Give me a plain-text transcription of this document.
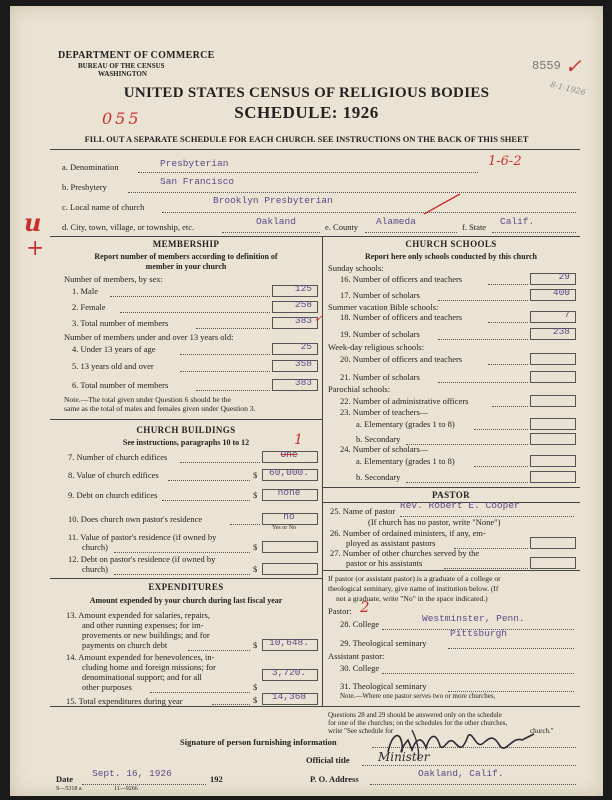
DEPARTMENT OF COMMERCE
BUREAU OF THE CENSUS
WASHINGTON
UNITED STATES CENSUS OF RELIGIOUS BODIES
SCHEDULE: 1926
8559 ✓
8-1-1926
055
FILL OUT A SEPARATE SCHEDULE FOR EACH CHURCH. SEE INSTRUCTIONS ON THE BACK OF THIS SHEET
a. Denomination	Presbyterian	1-6-2
b. Presbytery	San Francisco
c. Local name of church
Brooklyn Presbyterian
d. City, town, village, or township, etc.	Oakland	e. County Alameda	f. State Calif.
u
+	MEMBERSHIP
Report number of members according to definition of
member in your church
Number of members, by sex:
1. Male	125
2. Female	258
3. Total number of members	383 ✓
Number of members under and over 13 years old:
4. Under 13 years of age	25
5. 13 years old and over	358
6. Total number of members	383
Note.—The total given under Question 6 should be the
same as the total of males and females given under Question 3.
CHURCH BUILDINGS
See instructions, paragraphs 10 to 12	1
7. Number of church edifices	One
8. Value of church edifices	$	60,000.
9. Debt on church edifices	$	none
10. Does church own pastor's residence	no
Yes or No
11. Value of pastor's residence (if owned by
church)	$
12. Debt on pastor's residence (if owned by
church)	$
EXPENDITURES
Amount expended by your church during last fiscal year
13. Amount expended for salaries, repairs,
and other running expenses; for im-
provements or new buildings; and for
payments on church debt	$	10,648.
14. Amount expended for benevolences, in-
cluding home and foreign missions; for
denominational support; and for all
other purposes	$
3,720.
15. Total expenditures during year	$	14,368
CHURCH SCHOOLS
Report here only schools conducted by this church
Sunday schools:
16. Number of officers and teachers	29
17. Number of scholars	400
Summer vacation Bible schools:
18. Number of officers and teachers	7
19. Number of scholars	238
Week-day religious schools:
20. Number of officers and teachers
21. Number of scholars
Parochial schools:
22. Number of administrative officers
23. Number of teachers—
a. Elementary (grades 1 to 8)
b. Secondary
24. Number of scholars—
a. Elementary (grades 1 to 8)
b. Secondary
PASTOR
25. Name of pastor Rev. Robert E. Cooper
(If church has no pastor, write "None")
26. Number of ordained ministers, if any, em-
ployed as assistant pastors
27. Number of other churches served by the
pastor or his assistants
If pastor (or assistant pastor) is a graduate of a college or
theological seminary, give name of institution below. (If
not a graduate, write "No" in the space indicated.)
Pastor: 2
28. College	Westminster, Penn.
29. Theological seminary
Pittsburgh
Assistant pastor:
30. College
31. Theological seminary
Note.—Where one pastor serves two or more churches,
Questions 28 and 29 should be answered only on the schedule
for one of the churches; on the schedules for the other churches,
write "See schedule for	church."
Signature of person furnishing information
Official title Minister
Date Sept. 16, 1926	192	P. O. Address	Oakland, Calif.
S—5318 a	11—9266
